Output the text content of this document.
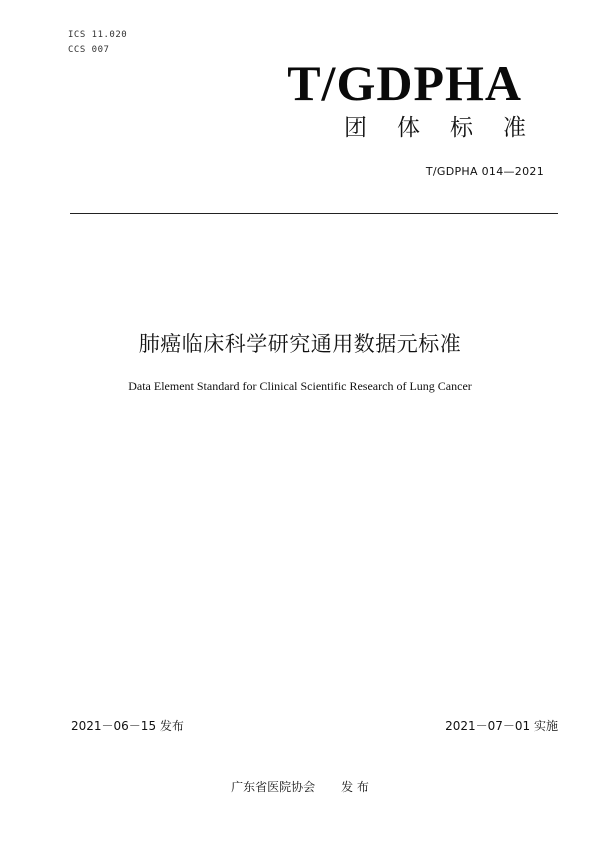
ICS 11.020
CCS 007
T/GDPHA
团体标准
T/GDPHA 014—2021
肺癌临床科学研究通用数据元标准
Data Element Standard for Clinical Scientific Research of Lung Cancer
2021－06－15 发布	2021－07－01 实施
广东省医院协会 发 布
